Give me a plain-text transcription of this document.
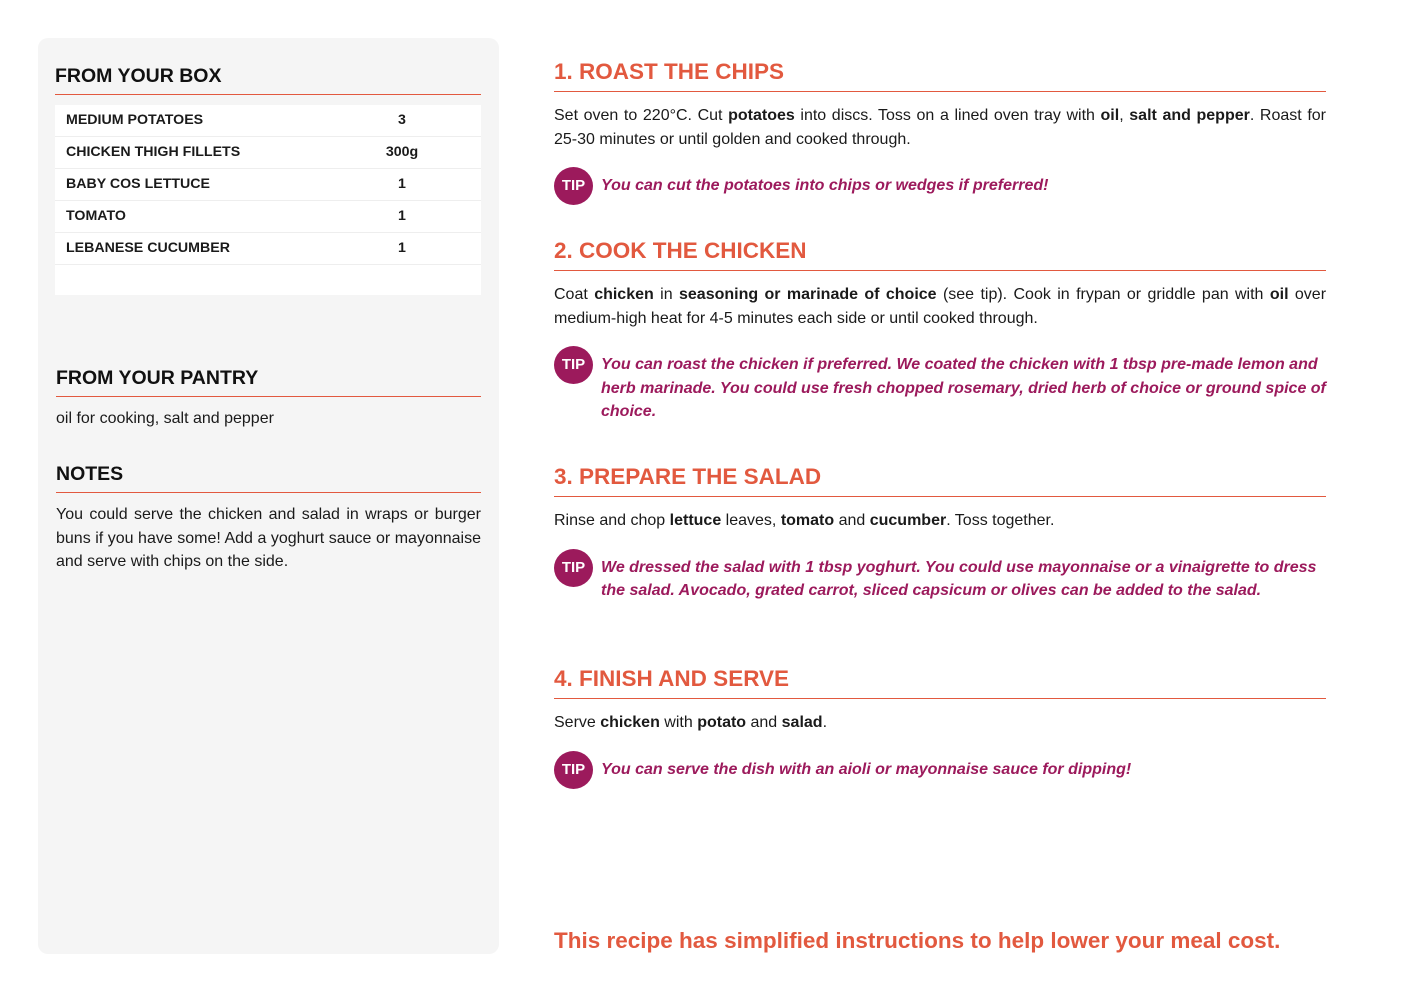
FROM YOUR BOX
MEDIUM POTATOES	3
CHICKEN THIGH FILLETS	300g
BABY COS LETTUCE	1
TOMATO	1
LEBANESE CUCUMBER	1
FROM YOUR PANTRY
oil for cooking, salt and pepper
NOTES
You could serve the chicken and salad in wraps or burger buns if you have some! Add a yoghurt sauce or mayonnaise and serve with chips on the side.
1. ROAST THE CHIPS

Set oven to 220°C. Cut potatoes into discs. Toss on a lined oven tray with oil, salt and pepper. Roast for 25-30 minutes or until golden and cooked through.

TIP You can cut the potatoes into chips or wedges if preferred!
2. COOK THE CHICKEN

Coat chicken in seasoning or marinade of choice (see tip). Cook in frypan or griddle pan with oil over medium-high heat for 4-5 minutes each side or until cooked through.

TIP You can roast the chicken if preferred. We coated the chicken with 1 tbsp pre-made lemon and herb marinade. You could use fresh chopped rosemary, dried herb of choice or ground spice of choice.
3. PREPARE THE SALAD

Rinse and chop lettuce leaves, tomato and cucumber. Toss together.

TIP We dressed the salad with 1 tbsp yoghurt. You could use mayonnaise or a vinaigrette to dress the salad. Avocado, grated carrot, sliced capsicum or olives can be added to the salad.
4. FINISH AND SERVE

Serve chicken with potato and salad.

TIP You can serve the dish with an aioli or mayonnaise sauce for dipping!
This recipe has simplified instructions to help lower your meal cost.
